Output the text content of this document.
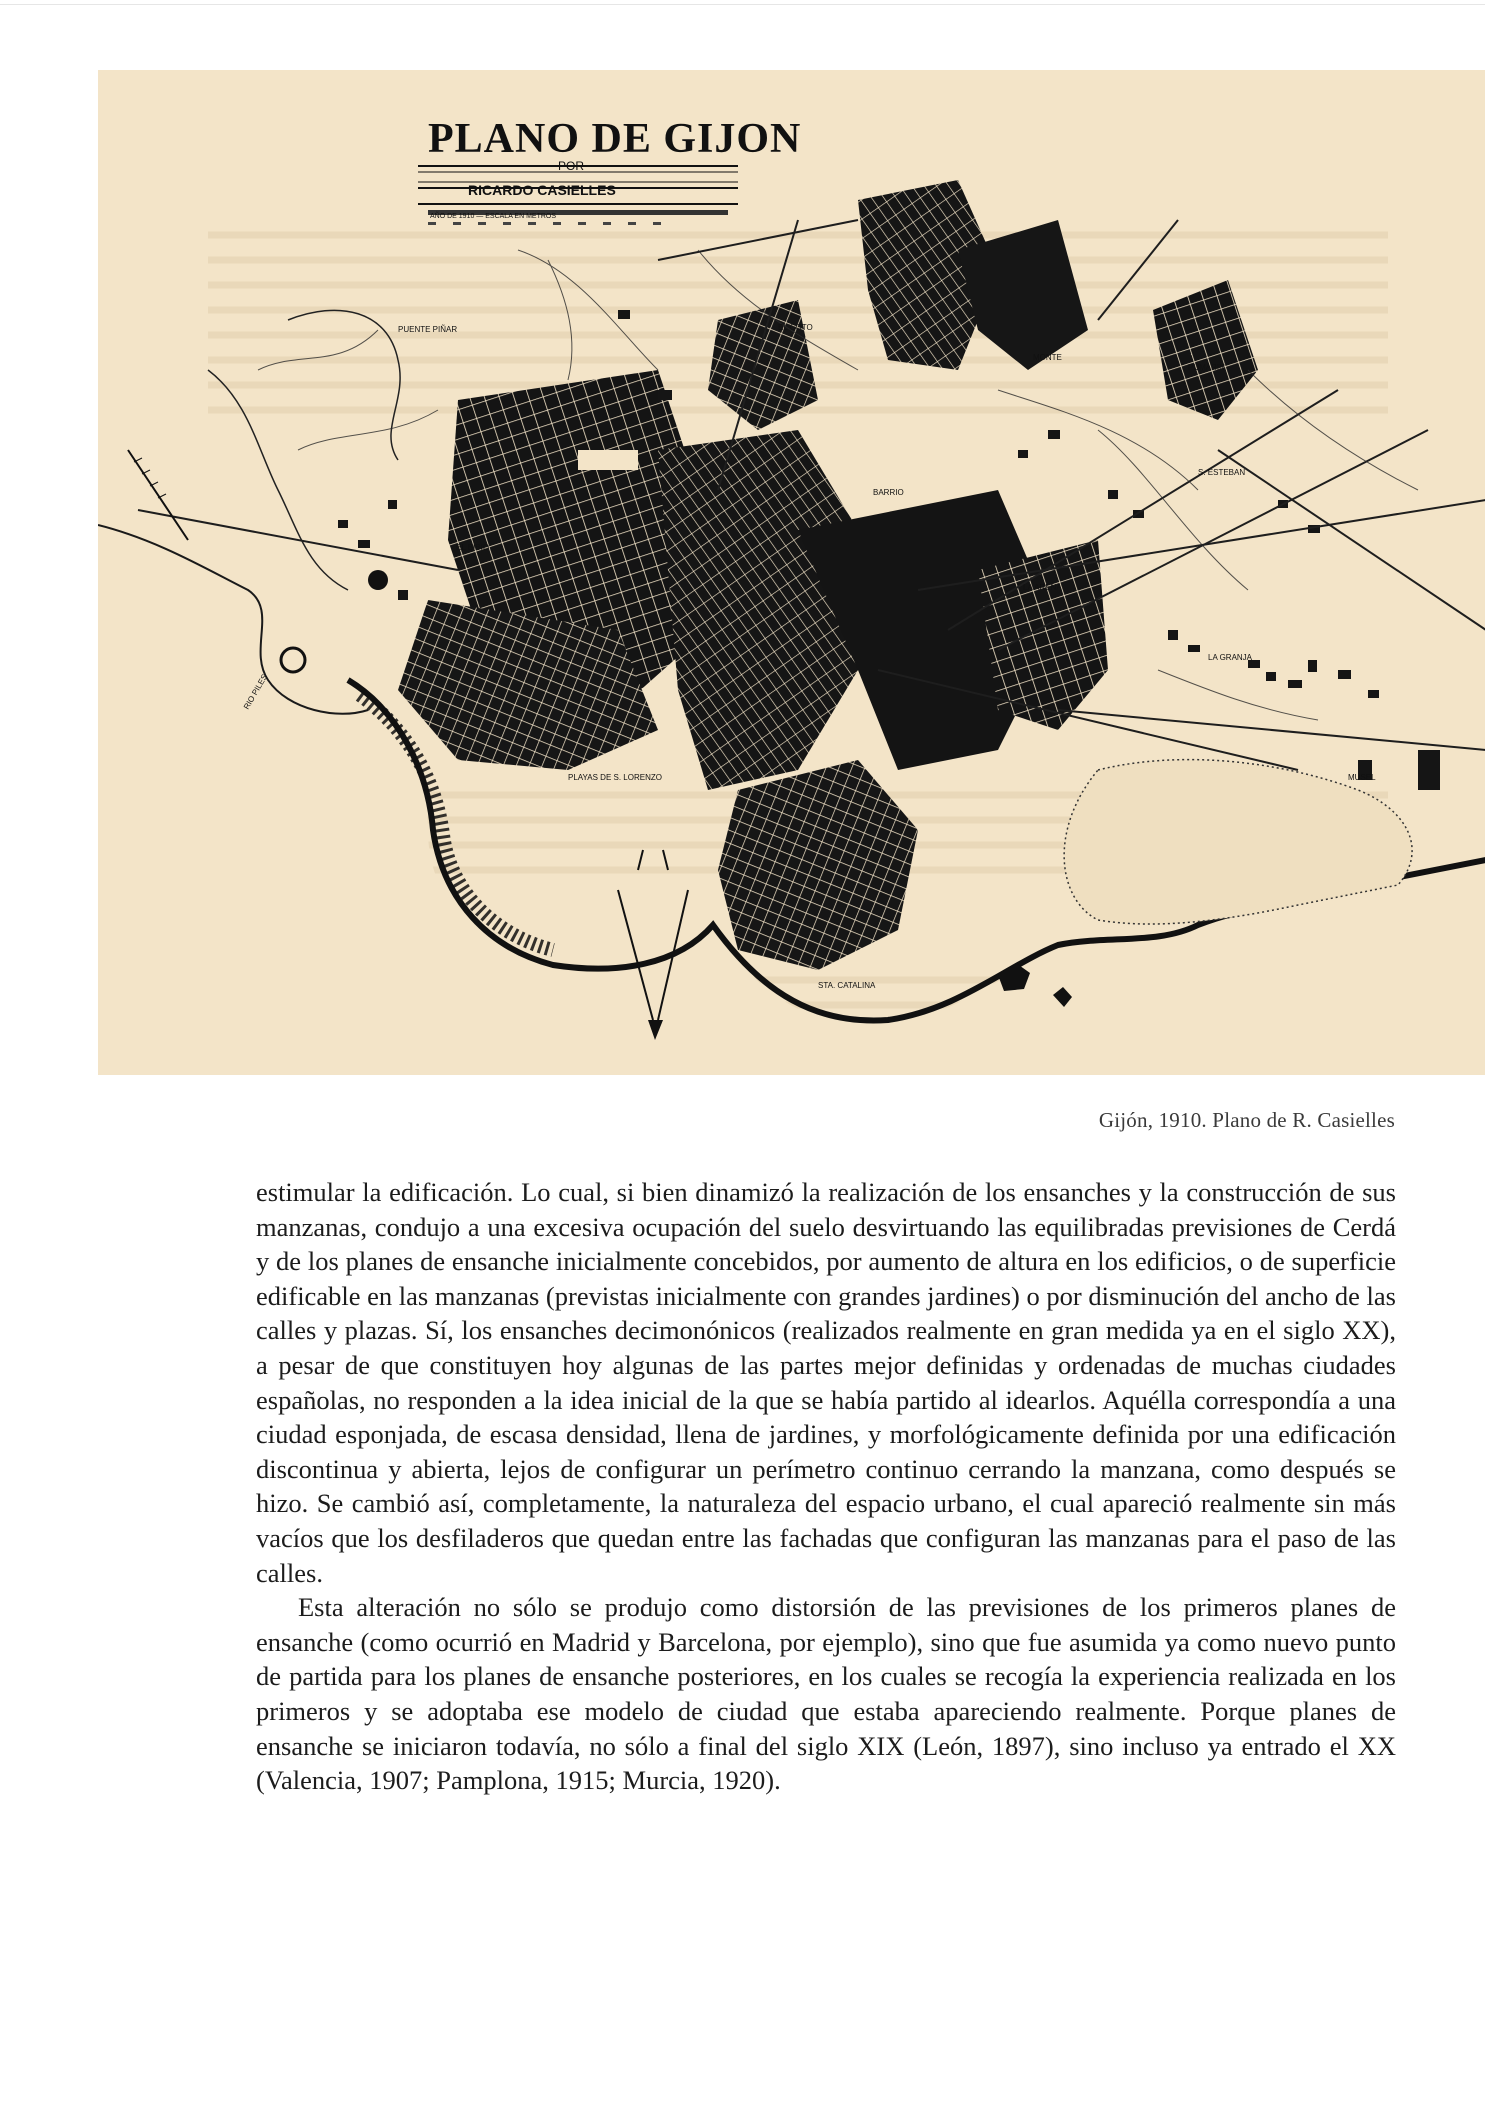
PLANO DE GIJON
POR
RICARDO CASIELLES
AÑO DE 1910 — ESCALA EN METROS
PUENTE PIÑAR
EL BIBIO
LA ARENA
BARRIO
LA GRANJA
PLAYAS DE S. LORENZO
STA. CATALINA
PUMARIN
S. ESTEBAN
MONTE
EL COTO
RIO PILES
MUSEL
Gijón, 1910. Plano de R. Casielles

estimular la edificación. Lo cual, si bien dinamizó la realización de los ensanches y la construcción de sus manzanas, condujo a una excesiva ocupación del suelo desvirtuando las equilibradas previsiones de Cerdá y de los planes de ensanche inicialmente concebidos, por aumento de altura en los edificios, o de superficie edificable en las manzanas (previstas inicialmente con grandes jardines) o por disminución del ancho de las calles y plazas. Sí, los ensanches decimonónicos (realizados realmente en gran medida ya en el siglo XX), a pesar de que constituyen hoy algunas de las partes mejor definidas y ordenadas de muchas ciudades españolas, no responden a la idea inicial de la que se había partido al idearlos. Aquélla correspondía a una ciudad esponjada, de escasa densidad, llena de jardines, y morfológicamente definida por una edificación discontinua y abierta, lejos de configurar un perímetro continuo cerrando la manzana, como después se hizo. Se cambió así, completamente, la naturaleza del espacio urbano, el cual apareció realmente sin más vacíos que los desfiladeros que quedan entre las fachadas que configuran las manzanas para el paso de las calles.

Esta alteración no sólo se produjo como distorsión de las previsiones de los primeros planes de ensanche (como ocurrió en Madrid y Barcelona, por ejemplo), sino que fue asumida ya como nuevo punto de partida para los planes de ensanche posteriores, en los cuales se recogía la experiencia realizada en los primeros y se adoptaba ese modelo de ciudad que estaba apareciendo realmente. Porque planes de ensanche se iniciaron todavía, no sólo a final del siglo XIX (León, 1897), sino incluso ya entrado el XX (Valencia, 1907; Pamplona, 1915; Murcia, 1920).
